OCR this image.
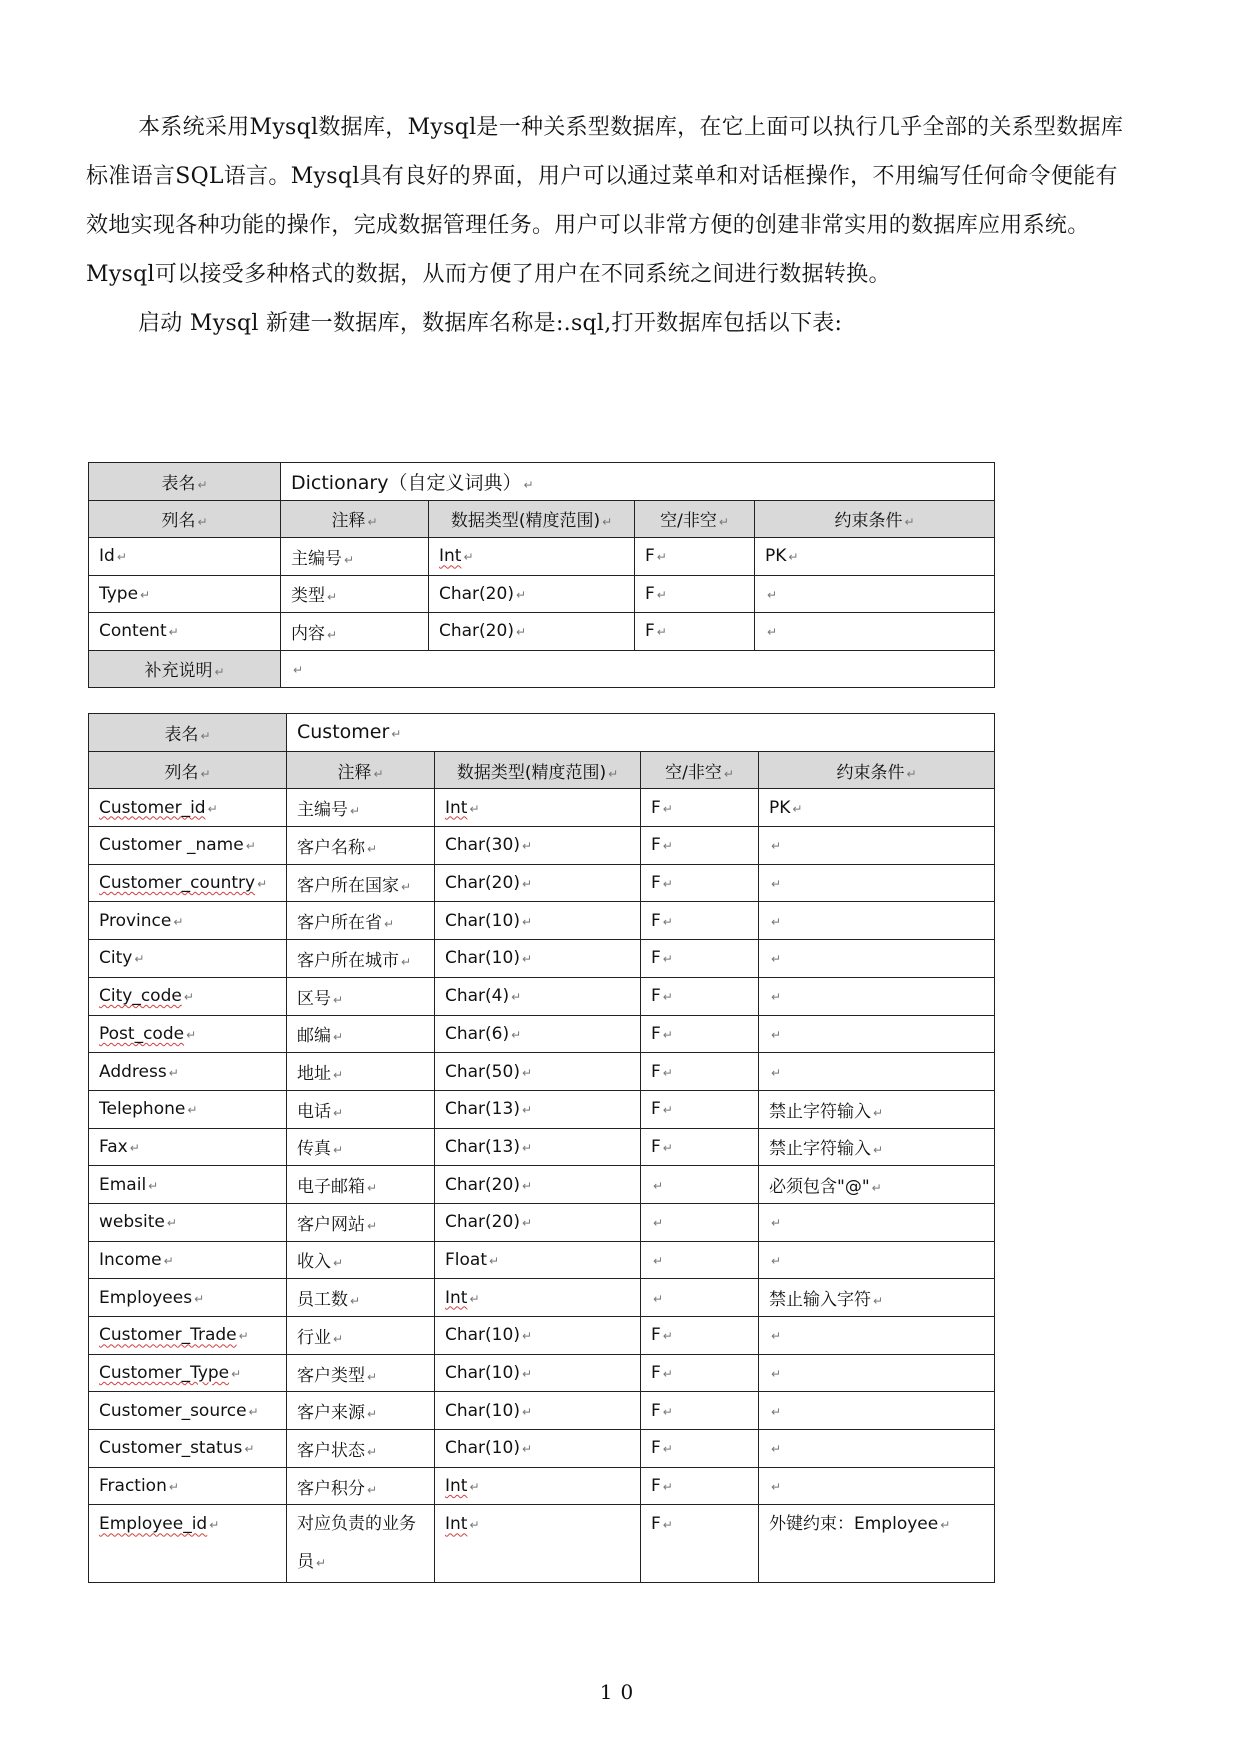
本系统采用Mysql数据库，Mysql是一种关系型数据库，在它上面可以执行几乎全部的关系型数据库标准语言SQL语言。Mysql具有良好的界面，用户可以通过菜单和对话框操作，不用编写任何命令便能有效地实现各种功能的操作，完成数据管理任务。用户可以非常方便的创建非常实用的数据库应用系统。

Mysql可以接受多种格式的数据，从而方便了用户在不同系统之间进行数据转换。

启动 Mysql 新建一数据库，数据库名称是:.sql,打开数据库包括以下表:

表名 ↵	Dictionary（自定义词典） ↵			
列名 ↵	注释 ↵	数据类型(精度范围) ↵	空/非空 ↵	约束条件 ↵
Id ↵	主编号 ↵	Int ↵	F ↵	PK ↵
Type ↵	类型 ↵	Char(20) ↵	F ↵	↵
Content ↵	内容 ↵	Char(20) ↵	F ↵	↵
补充说明 ↵	↵			
表名 ↵	Customer ↵			
列名 ↵	注释 ↵	数据类型(精度范围) ↵	空/非空 ↵	约束条件 ↵
Customer_id ↵	主编号 ↵	Int ↵	F ↵	PK ↵
Customer _name ↵	客户名称 ↵	Char(30) ↵	F ↵	↵
Customer_country ↵	客户所在国家 ↵	Char(20) ↵	F ↵	↵
Province ↵	客户所在省 ↵	Char(10) ↵	F ↵	↵
City ↵	客户所在城市 ↵	Char(10) ↵	F ↵	↵
City_code ↵	区号 ↵	Char(4) ↵	F ↵	↵
Post_code ↵	邮编 ↵	Char(6) ↵	F ↵	↵
Address ↵	地址 ↵	Char(50) ↵	F ↵	↵
Telephone ↵	电话 ↵	Char(13) ↵	F ↵	禁止字符输入 ↵
Fax ↵	传真 ↵	Char(13) ↵	F ↵	禁止字符输入 ↵
Email ↵	电子邮箱 ↵	Char(20) ↵	↵	必须包含"@" ↵
website ↵	客户网站 ↵	Char(20) ↵	↵	↵
Income ↵	收入 ↵	Float ↵	↵	↵
Employees ↵	员工数 ↵	Int ↵	↵	禁止输入字符 ↵
Customer_Trade ↵	行业 ↵	Char(10) ↵	F ↵	↵
Customer_Type ↵	客户类型 ↵	Char(10) ↵	F ↵	↵
Customer_source ↵	客户来源 ↵	Char(10) ↵	F ↵	↵
Customer_status ↵	客户状态 ↵	Char(10) ↵	F ↵	↵
Fraction ↵	客户积分 ↵	Int ↵	F ↵	↵
Employee_id ↵	对应负责的业务员 ↵	Int ↵	F ↵	外键约束：Employee ↵
10
